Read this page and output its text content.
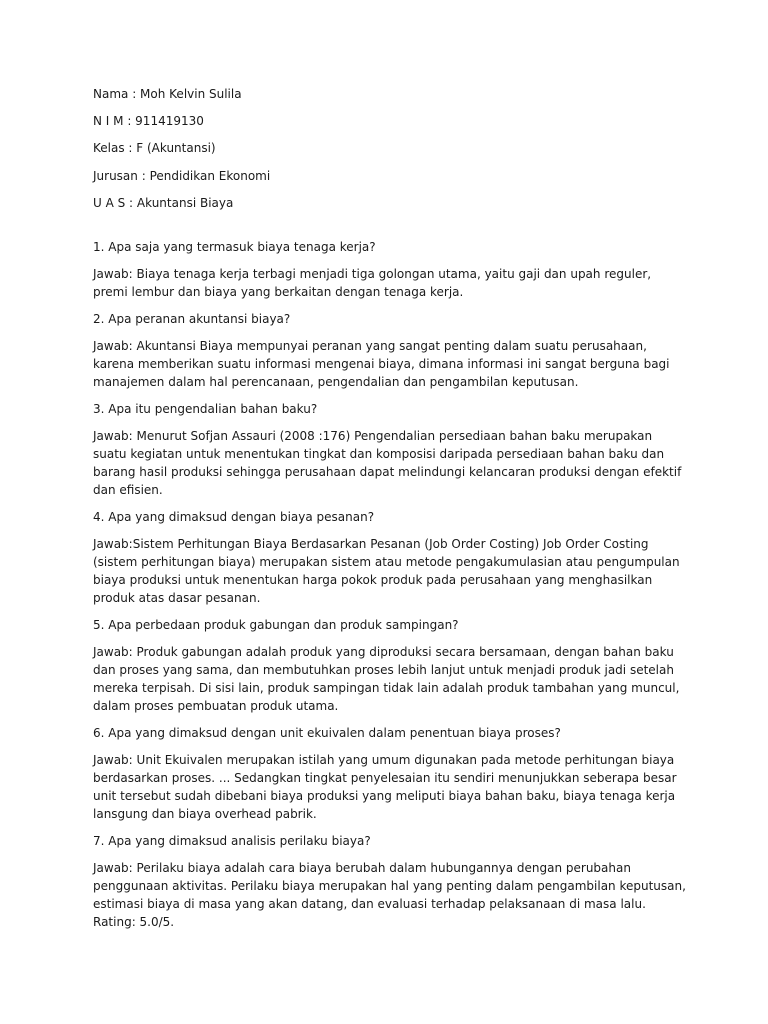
Nama : Moh Kelvin Sulila

N I M : 911419130

Kelas : F (Akuntansi)

Jurusan : Pendidikan Ekonomi

U A S : Akuntansi Biaya

1. Apa saja yang termasuk biaya tenaga kerja?

Jawab: Biaya tenaga kerja terbagi menjadi tiga golongan utama, yaitu gaji dan upah reguler, premi lembur dan biaya yang berkaitan dengan tenaga kerja.

2. Apa peranan akuntansi biaya?

Jawab: Akuntansi Biaya mempunyai peranan yang sangat penting dalam suatu perusahaan, karena memberikan suatu informasi mengenai biaya, dimana informasi ini sangat berguna bagi manajemen dalam hal perencanaan, pengendalian dan pengambilan keputusan.

3. Apa itu pengendalian bahan baku?

Jawab: Menurut Sofjan Assauri (2008 :176) Pengendalian persediaan bahan baku merupakan suatu kegiatan untuk menentukan tingkat dan komposisi daripada persediaan bahan baku dan barang hasil produksi sehingga perusahaan dapat melindungi kelancaran produksi dengan efektif dan efisien.

4. Apa yang dimaksud dengan biaya pesanan?

Jawab:Sistem Perhitungan Biaya Berdasarkan Pesanan (Job Order Costing) Job Order Costing (sistem perhitungan biaya) merupakan sistem atau metode pengakumulasian atau pengumpulan biaya produksi untuk menentukan harga pokok produk pada perusahaan yang menghasilkan produk atas dasar pesanan.

5. Apa perbedaan produk gabungan dan produk sampingan?

Jawab: Produk gabungan adalah produk yang diproduksi secara bersamaan, dengan bahan baku dan proses yang sama, dan membutuhkan proses lebih lanjut untuk menjadi produk jadi setelah mereka terpisah. Di sisi lain, produk sampingan tidak lain adalah produk tambahan yang muncul, dalam proses pembuatan produk utama.

6. Apa yang dimaksud dengan unit ekuivalen dalam penentuan biaya proses?

Jawab: Unit Ekuivalen merupakan istilah yang umum digunakan pada metode perhitungan biaya berdasarkan proses. ... Sedangkan tingkat penyelesaian itu sendiri menunjukkan seberapa besar unit tersebut sudah dibebani biaya produksi yang meliputi biaya bahan baku, biaya tenaga kerja lansgung dan biaya overhead pabrik.

7. Apa yang dimaksud analisis perilaku biaya?

Jawab: Perilaku biaya adalah cara biaya berubah dalam hubungannya dengan perubahan penggunaan aktivitas. Perilaku biaya merupakan hal yang penting dalam pengambilan keputusan, estimasi biaya di masa yang akan datang, dan evaluasi terhadap pelaksanaan di masa lalu. Rating: 5.0/5.
